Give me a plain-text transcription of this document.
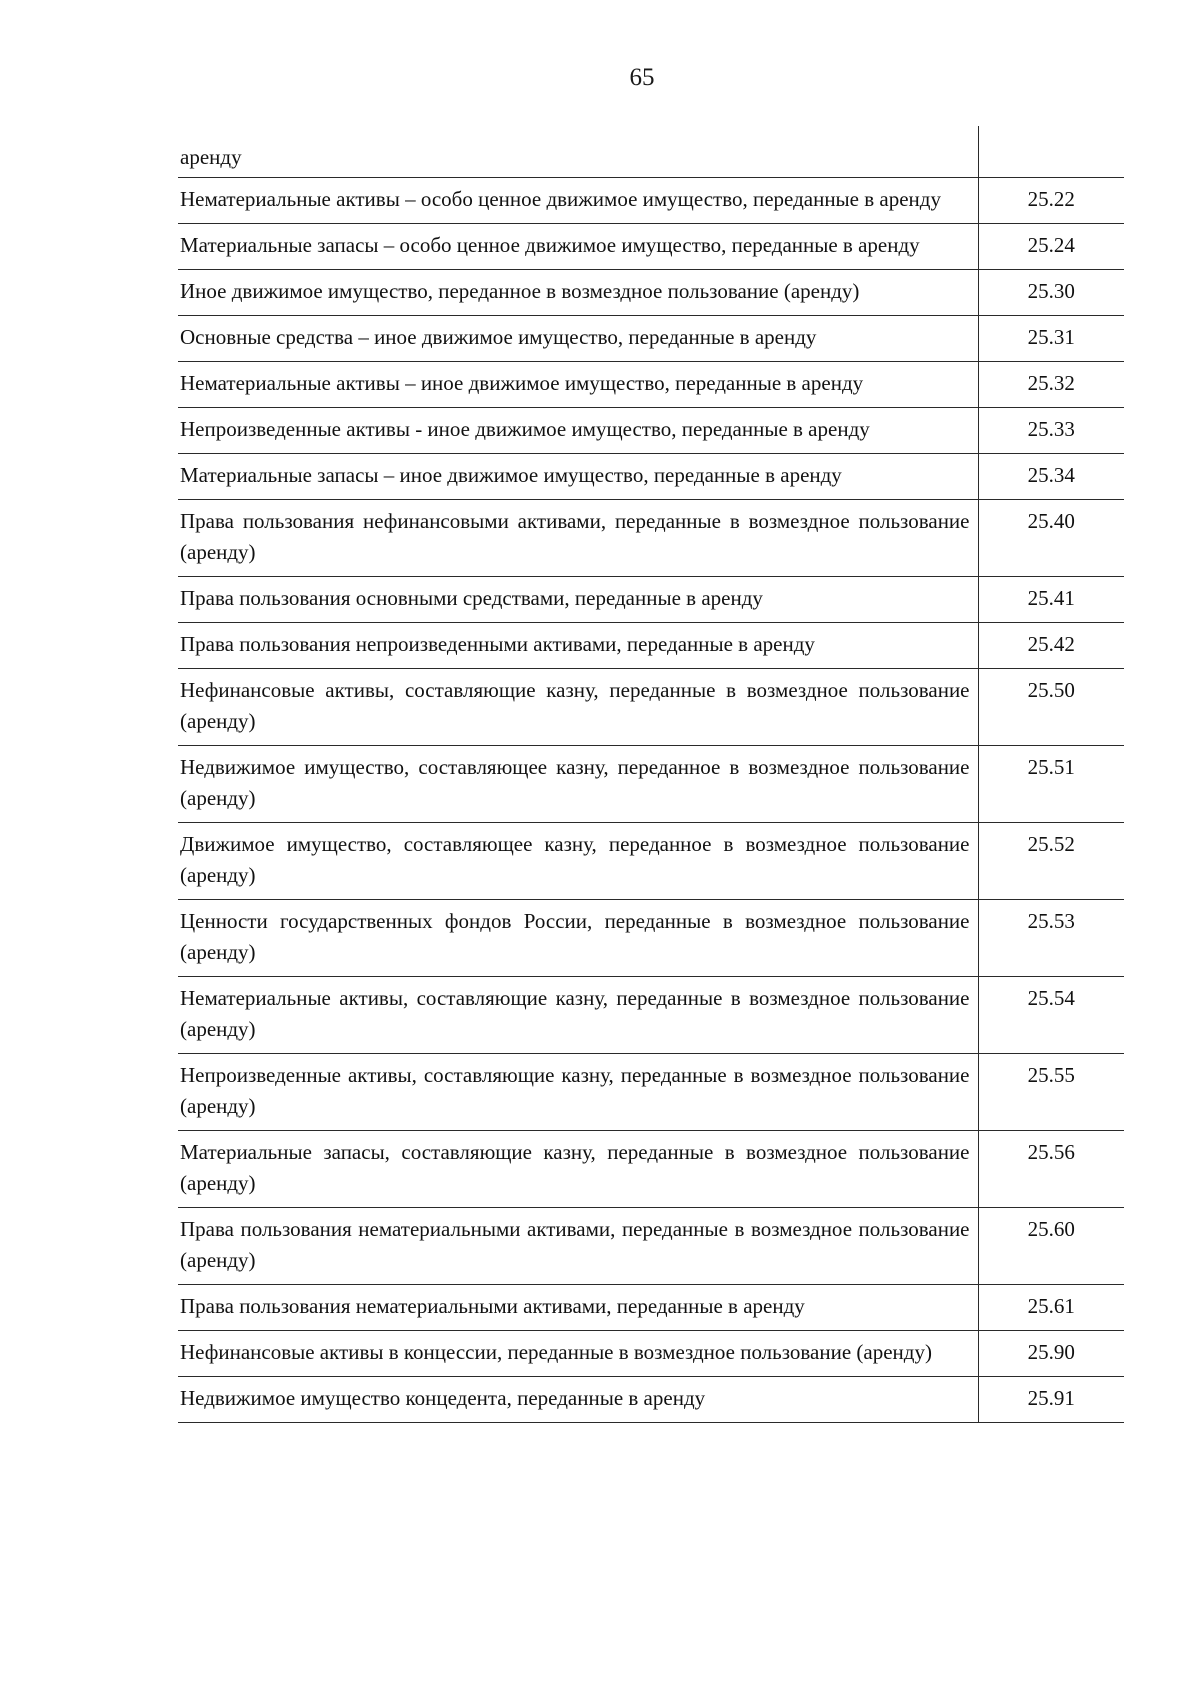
65
аренду	
Нематериальные активы – особо ценное движимое имущество, переданные в аренду	25.22
Материальные запасы – особо ценное движимое имущество, переданные в аренду	25.24
Иное движимое имущество, переданное в возмездное пользование (аренду)	25.30
Основные средства – иное движимое имущество, переданные в аренду	25.31
Нематериальные активы – иное движимое имущество, переданные в аренду	25.32
Непроизведенные активы - иное движимое имущество, переданные в аренду	25.33
Материальные запасы – иное движимое имущество, переданные в аренду	25.34
Права пользования нефинансовыми активами, переданные в возмездное пользование (аренду)	25.40
Права пользования основными средствами, переданные в аренду	25.41
Права пользования непроизведенными активами, переданные в аренду	25.42
Нефинансовые активы, составляющие казну, переданные в возмездное пользование (аренду)	25.50
Недвижимое имущество, составляющее казну, переданное в возмездное пользование (аренду)	25.51
Движимое имущество, составляющее казну, переданное в возмездное пользование (аренду)	25.52
Ценности государственных фондов России, переданные в возмездное пользование (аренду)	25.53
Нематериальные активы, составляющие казну, переданные в возмездное пользование (аренду)	25.54
Непроизведенные активы, составляющие казну, переданные в возмездное пользование (аренду)	25.55
Материальные запасы, составляющие казну, переданные в возмездное пользование (аренду)	25.56
Права пользования нематериальными активами, переданные в возмездное пользование (аренду)	25.60
Права пользования нематериальными активами, переданные в аренду	25.61
Нефинансовые активы в концессии, переданные в возмездное пользование (аренду)	25.90
Недвижимое имущество концедента, переданные в аренду	25.91
